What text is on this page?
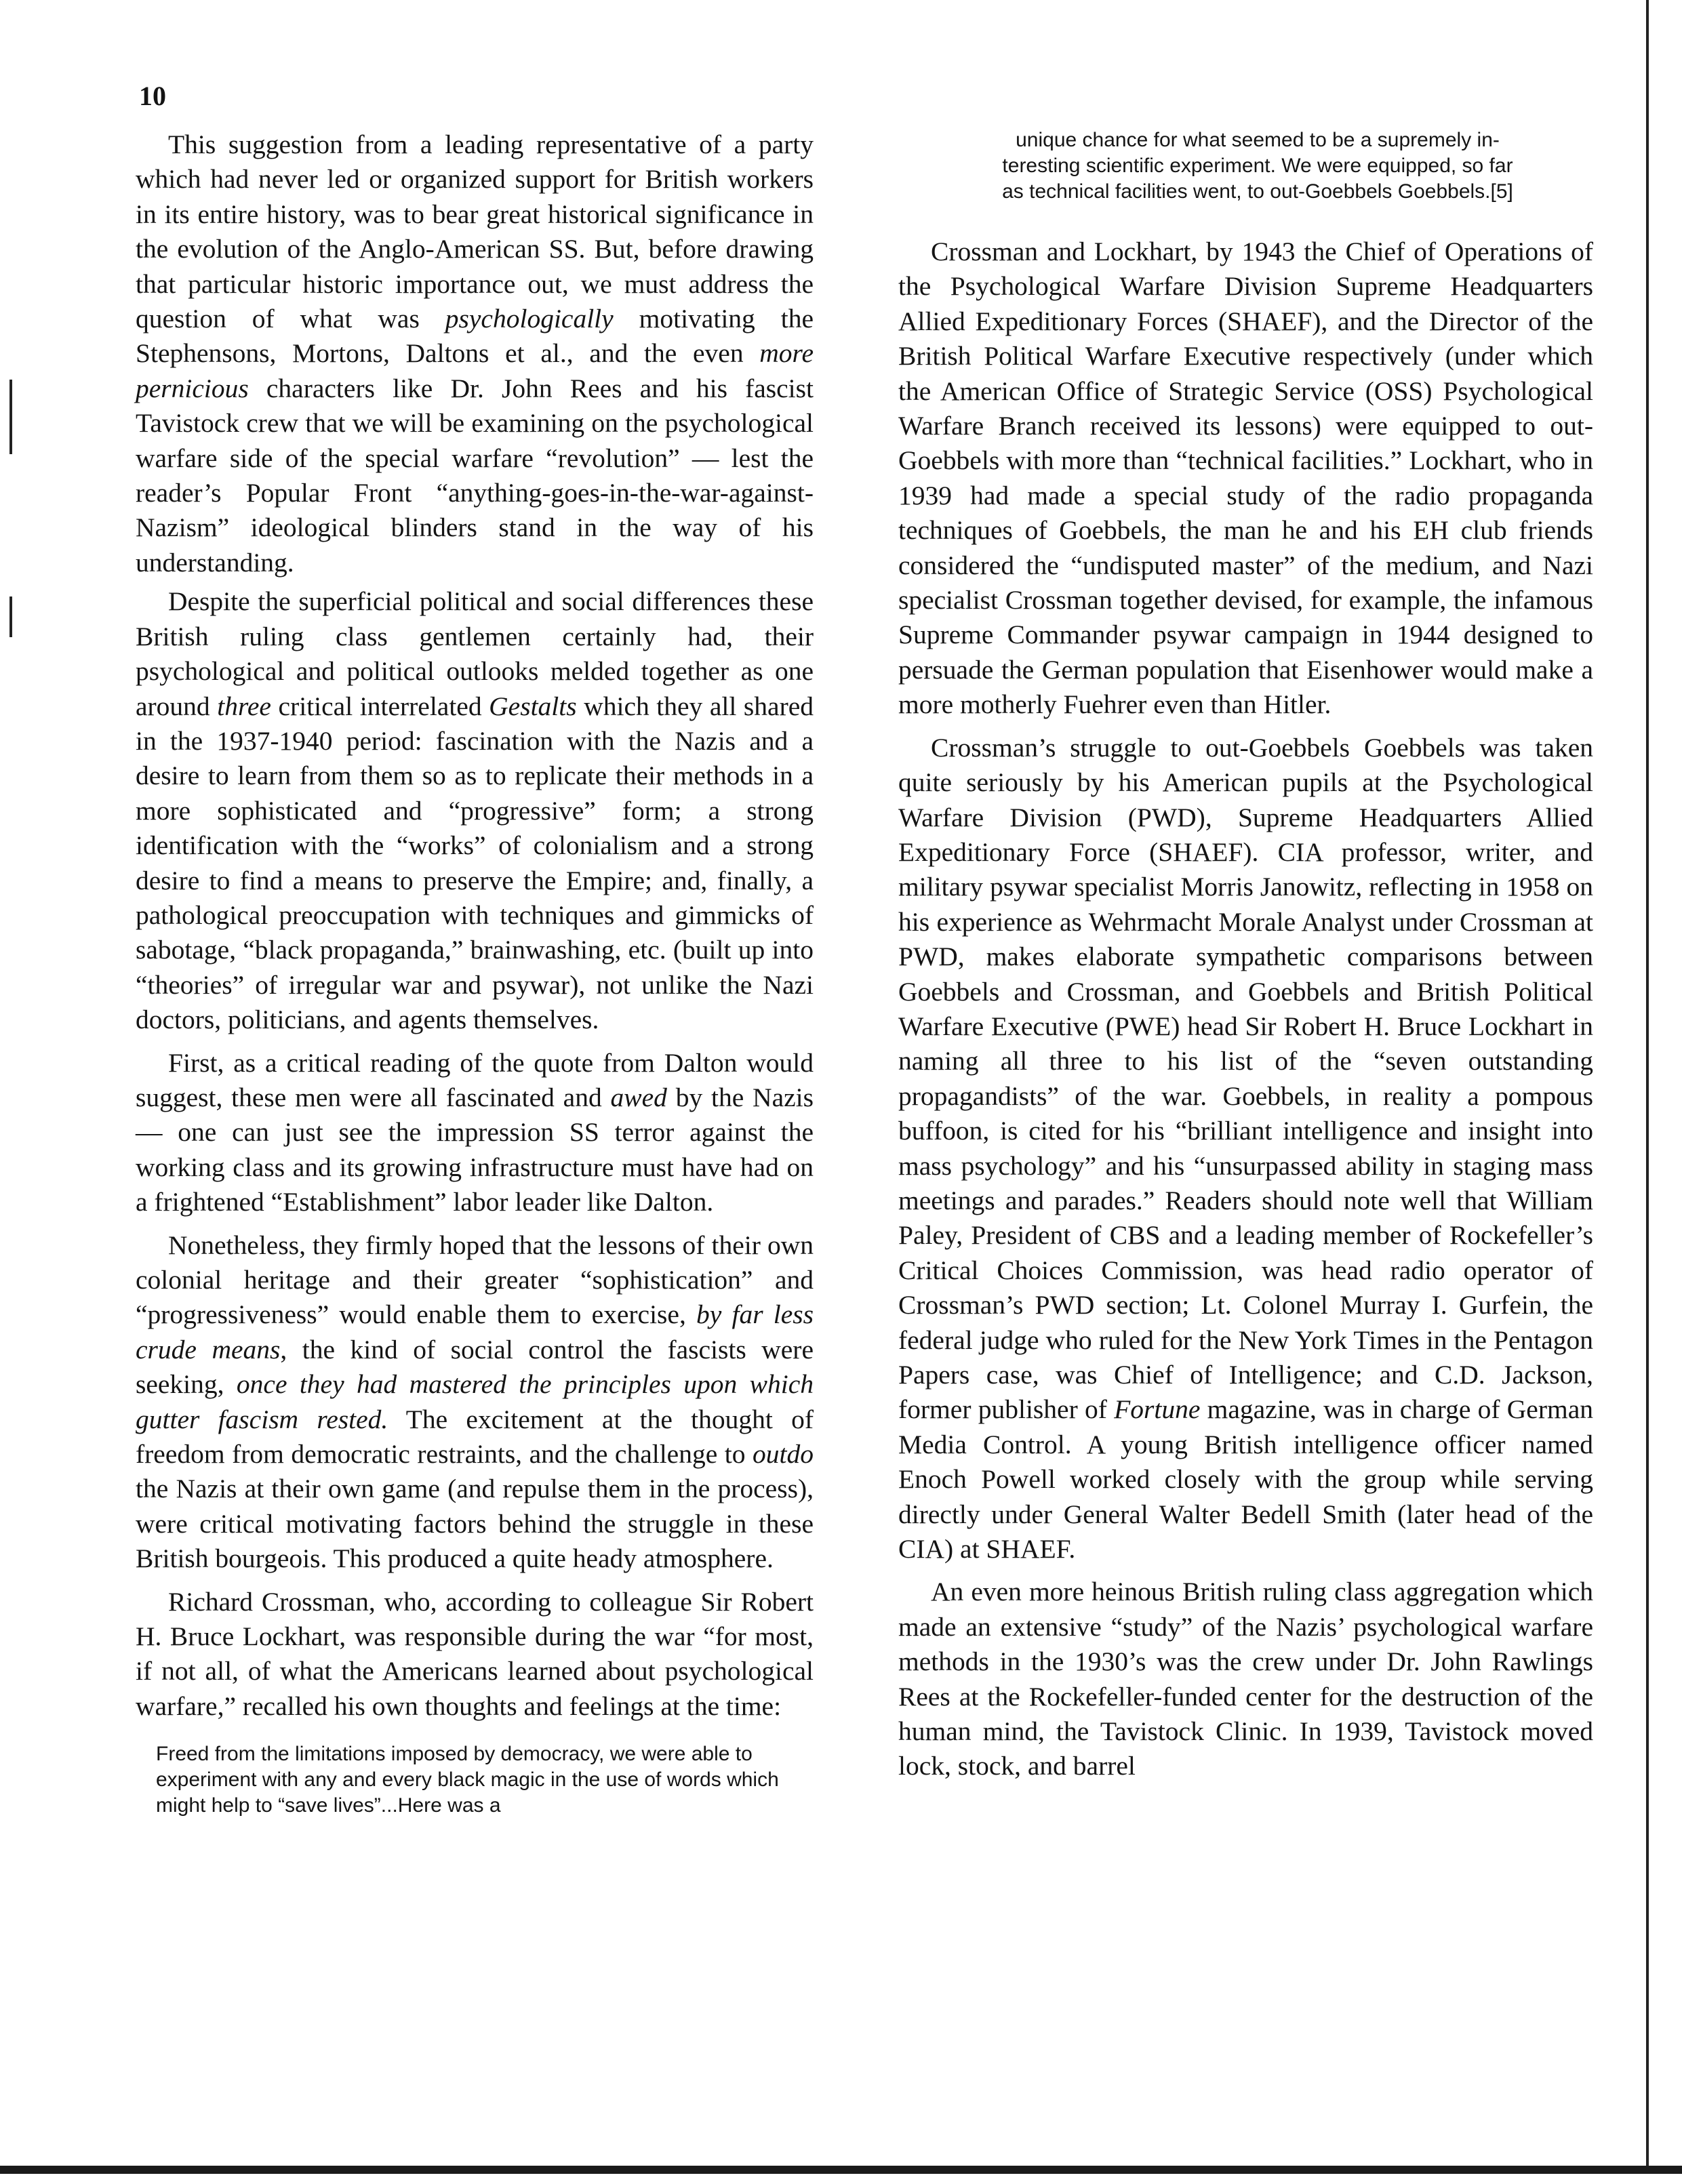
10

This suggestion from a leading representative of a party which had never led or organized support for British workers in its entire history, was to bear great historical significance in the evolution of the Anglo-American SS. But, before drawing that particular historic importance out, we must address the question of what was psychologically motivating the Stephensons, Mortons, Daltons et al., and the even more pernicious characters like Dr. John Rees and his fascist Tavistock crew that we will be examining on the psychological warfare side of the special warfare “revolution” — lest the reader’s Popular Front “anything-goes-in-the-war-against-Nazism” ideological blinders stand in the way of his understanding.

Despite the superficial political and social differences these British ruling class gentlemen certainly had, their psychological and political outlooks melded together as one around three critical interrelated Gestalts which they all shared in the 1937-1940 period: fascination with the Nazis and a desire to learn from them so as to replicate their methods in a more sophisticated and “progressive” form; a strong identification with the “works” of colonialism and a strong desire to find a means to preserve the Empire; and, finally, a pathological preoccupation with techniques and gimmicks of sabotage, “black propaganda,” brainwashing, etc. (built up into “theories” of irregular war and psywar), not unlike the Nazi doctors, politicians, and agents themselves.

First, as a critical reading of the quote from Dalton would suggest, these men were all fascinated and awed by the Nazis — one can just see the impression SS terror against the working class and its growing infrastructure must have had on a frightened “Establishment” labor leader like Dalton.

Nonetheless, they firmly hoped that the lessons of their own colonial heritage and their greater “sophistication” and “progressiveness” would enable them to exercise, by far less crude means, the kind of social control the fascists were seeking, once they had mastered the principles upon which gutter fascism rested. The excitement at the thought of freedom from democratic restraints, and the challenge to outdo the Nazis at their own game (and repulse them in the process), were critical motivating factors behind the struggle in these British bourgeois. This produced a quite heady atmosphere.

Richard Crossman, who, according to colleague Sir Robert H. Bruce Lockhart, was responsible during the war “for most, if not all, of what the Americans learned about psychological warfare,” recalled his own thoughts and feelings at the time:

Freed from the limitations imposed by democracy, we were able to experiment with any and every black magic in the use of words which might help to “save lives”...Here was a
unique chance for what seemed to be a supremely in-
teresting scientific experiment. We were equipped, so far
as technical facilities went, to out-Goebbels Goebbels.[5]

Crossman and Lockhart, by 1943 the Chief of Operations of the Psychological Warfare Division Supreme Headquarters Allied Expeditionary Forces (SHAEF), and the Director of the British Political Warfare Executive respectively (under which the American Office of Strategic Service (OSS) Psychological Warfare Branch received its lessons) were equipped to out-Goebbels with more than “technical facilities.” Lockhart, who in 1939 had made a special study of the radio propaganda techniques of Goebbels, the man he and his EH club friends considered the “undisputed master” of the medium, and Nazi specialist Crossman together devised, for example, the infamous Supreme Commander psywar campaign in 1944 designed to persuade the German population that Eisenhower would make a more motherly Fuehrer even than Hitler.

Crossman’s struggle to out-Goebbels Goebbels was taken quite seriously by his American pupils at the Psychological Warfare Division (PWD), Supreme Headquarters Allied Expeditionary Force (SHAEF). CIA professor, writer, and military psywar specialist Morris Janowitz, reflecting in 1958 on his experience as Wehrmacht Morale Analyst under Crossman at PWD, makes elaborate sympathetic comparisons between Goebbels and Crossman, and Goebbels and British Political Warfare Executive (PWE) head Sir Robert H. Bruce Lockhart in naming all three to his list of the “seven outstanding propagandists” of the war. Goebbels, in reality a pompous buffoon, is cited for his “brilliant intelligence and insight into mass psychology” and his “unsurpassed ability in staging mass meetings and parades.” Readers should note well that William Paley, President of CBS and a leading member of Rockefeller’s Critical Choices Commission, was head radio operator of Crossman’s PWD section; Lt. Colonel Murray I. Gurfein, the federal judge who ruled for the New York Times in the Pentagon Papers case, was Chief of Intelligence; and C.D. Jackson, former publisher of Fortune magazine, was in charge of German Media Control. A young British intelligence officer named Enoch Powell worked closely with the group while serving directly under General Walter Bedell Smith (later head of the CIA) at SHAEF.

An even more heinous British ruling class aggregation which made an extensive “study” of the Nazis’ psychological warfare methods in the 1930’s was the crew under Dr. John Rawlings Rees at the Rockefeller-funded center for the destruction of the human mind, the Tavistock Clinic. In 1939, Tavistock moved lock, stock, and barrel
